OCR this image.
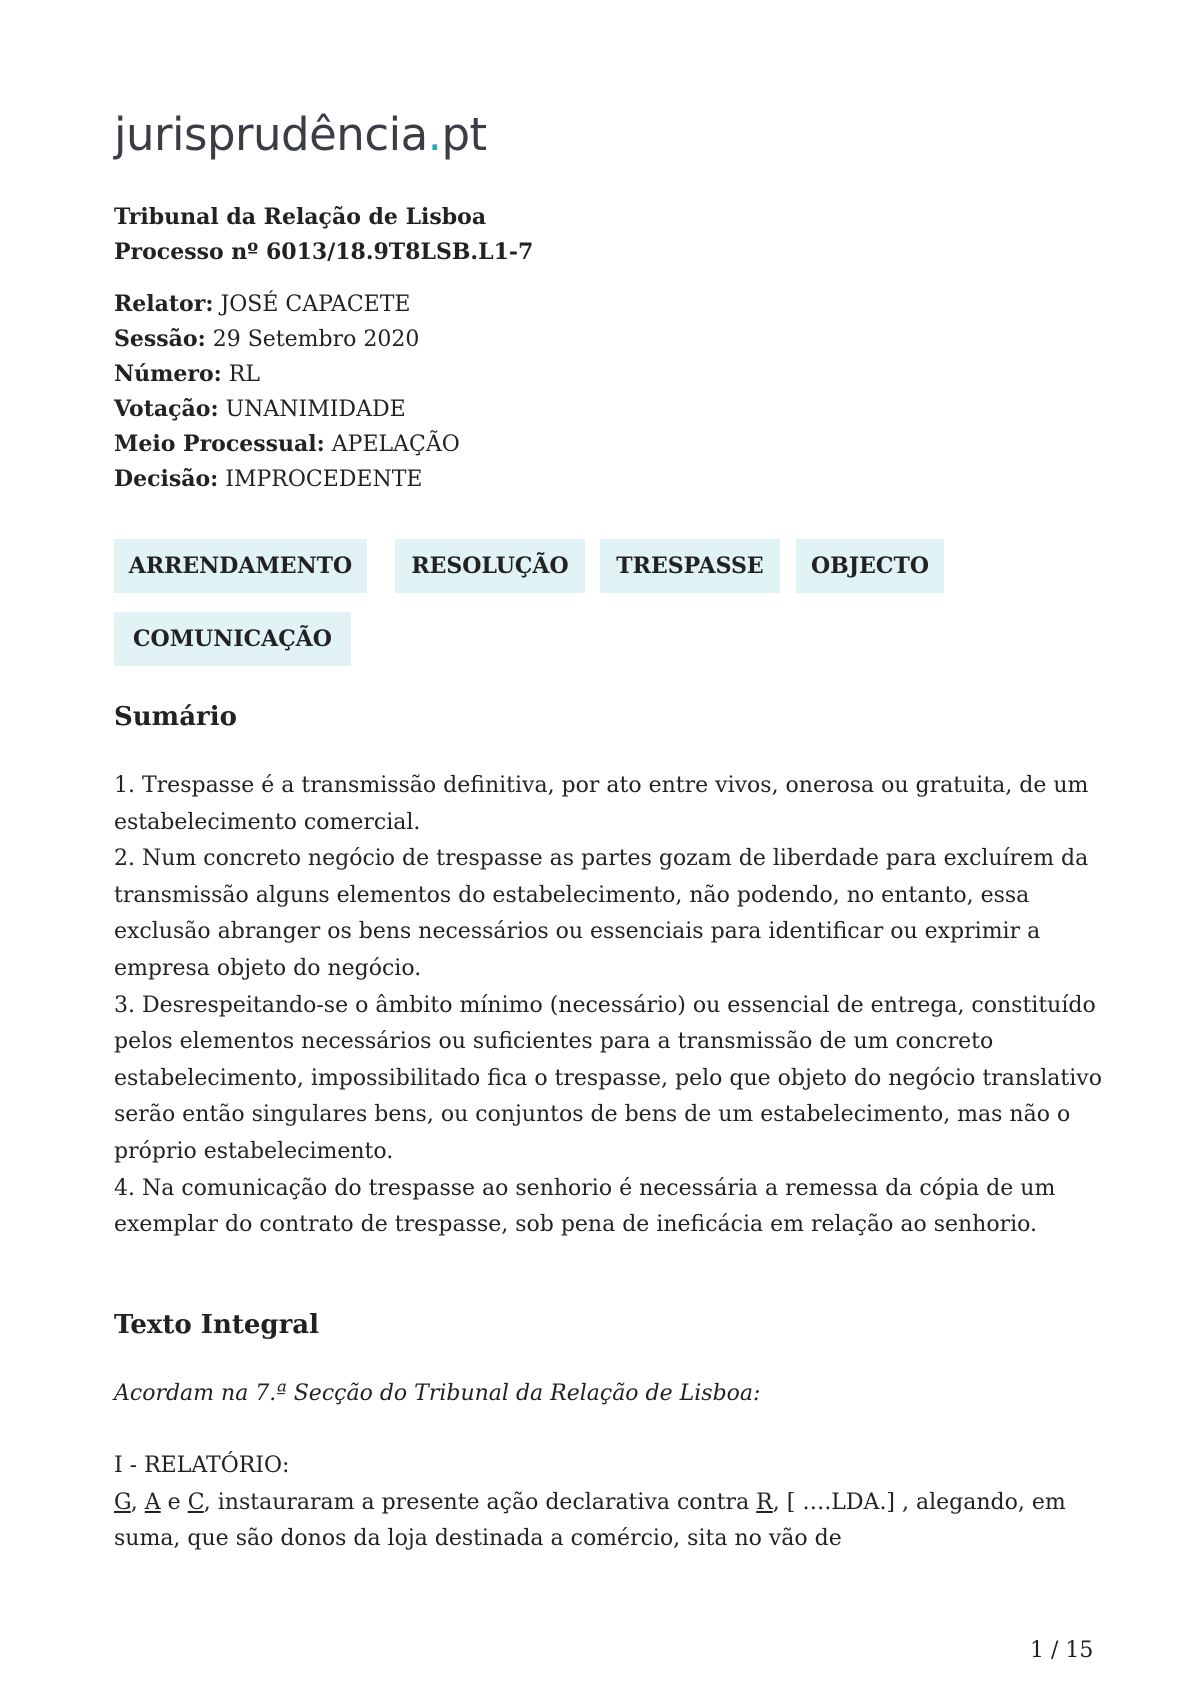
jurisprudência.pt
Tribunal da Relação de Lisboa
Processo nº 6013/18.9T8LSB.L1-7
Relator: JOSÉ CAPACETE
Sessão: 29 Setembro 2020
Número: RL
Votação: UNANIMIDADE
Meio Processual: APELAÇÃO
Decisão: IMPROCEDENTE
ARRENDAMENTO	RESOLUÇÃO	TRESPASSE	OBJECTO
COMUNICAÇÃO
Sumário

1. Trespasse é a transmissão definitiva, por ato entre vivos, onerosa ou gratuita, de um estabelecimento comercial.

2. Num concreto negócio de trespasse as partes gozam de liberdade para excluírem da transmissão alguns elementos do estabelecimento, não podendo, no entanto, essa exclusão abranger os bens necessários ou essenciais para identificar ou exprimir a empresa objeto do negócio.

3. Desrespeitando-se o âmbito mínimo (necessário) ou essencial de entrega, constituído pelos elementos necessários ou suficientes para a transmissão de um concreto estabelecimento, impossibilitado fica o trespasse, pelo que objeto do negócio translativo serão então singulares bens, ou conjuntos de bens de um estabelecimento, mas não o próprio estabelecimento.

4. Na comunicação do trespasse ao senhorio é necessária a remessa da cópia de um exemplar do contrato de trespasse, sob pena de ineficácia em relação ao senhorio.

Texto Integral
Acordam na 7.ª Secção do Tribunal da Relação de Lisboa:

I - RELATÓRIO:

G, A e C, instauraram a presente ação declarativa contra R, [ ….LDA.] , alegando, em suma, que são donos da loja destinada a comércio, sita no vão de

1 / 15
